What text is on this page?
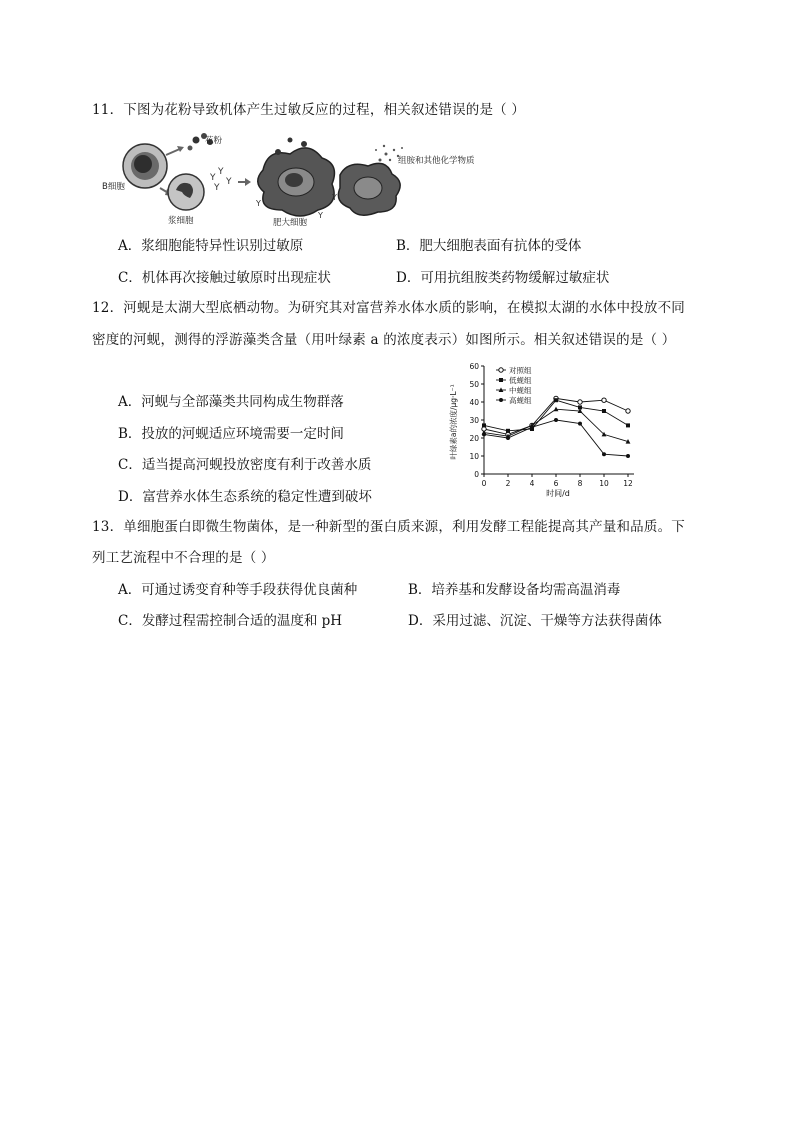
11．下图为花粉导致机体产生过敏反应的过程，相关叙述错误的是（ ）
Y
Y
Y
Y
Y
Y
Y
花粉
B细胞
浆细胞	肥大细胞
组胺和其他化学物质
A．浆细胞能特异性识别过敏原	B．肥大细胞表面有抗体的受体
C．机体再次接触过敏原时出现症状	D．可用抗组胺类药物缓解过敏症状
12．河蚬是太湖大型底栖动物。为研究其对富营养水体水质的影响，在模拟太湖的水体中投放不同
密度的河蚬，测得的浮游藻类含量（用叶绿素 a 的浓度表示）如图所示。相关叙述错误的是（ ）
A．河蚬与全部藻类共同构成生物群落
B．投放的河蚬适应环境需要一定时间
C．适当提高河蚬投放密度有利于改善水质
D．富营养水体生态系统的稳定性遭到破坏
0
10
20
30
40
50
60
0	2	4	6	8 10 12
对照组
低蚬组
中蚬组
高蚬组
时间/d
叶绿素a的浓度/μg·L⁻¹
13．单细胞蛋白即微生物菌体，是一种新型的蛋白质来源，利用发酵工程能提高其产量和品质。下
列工艺流程中不合理的是（ ）
A．可通过诱变育种等手段获得优良菌种	B．培养基和发酵设备均需高温消毒
C．发酵过程需控制合适的温度和 pH	D．采用过滤、沉淀、干燥等方法获得菌体
